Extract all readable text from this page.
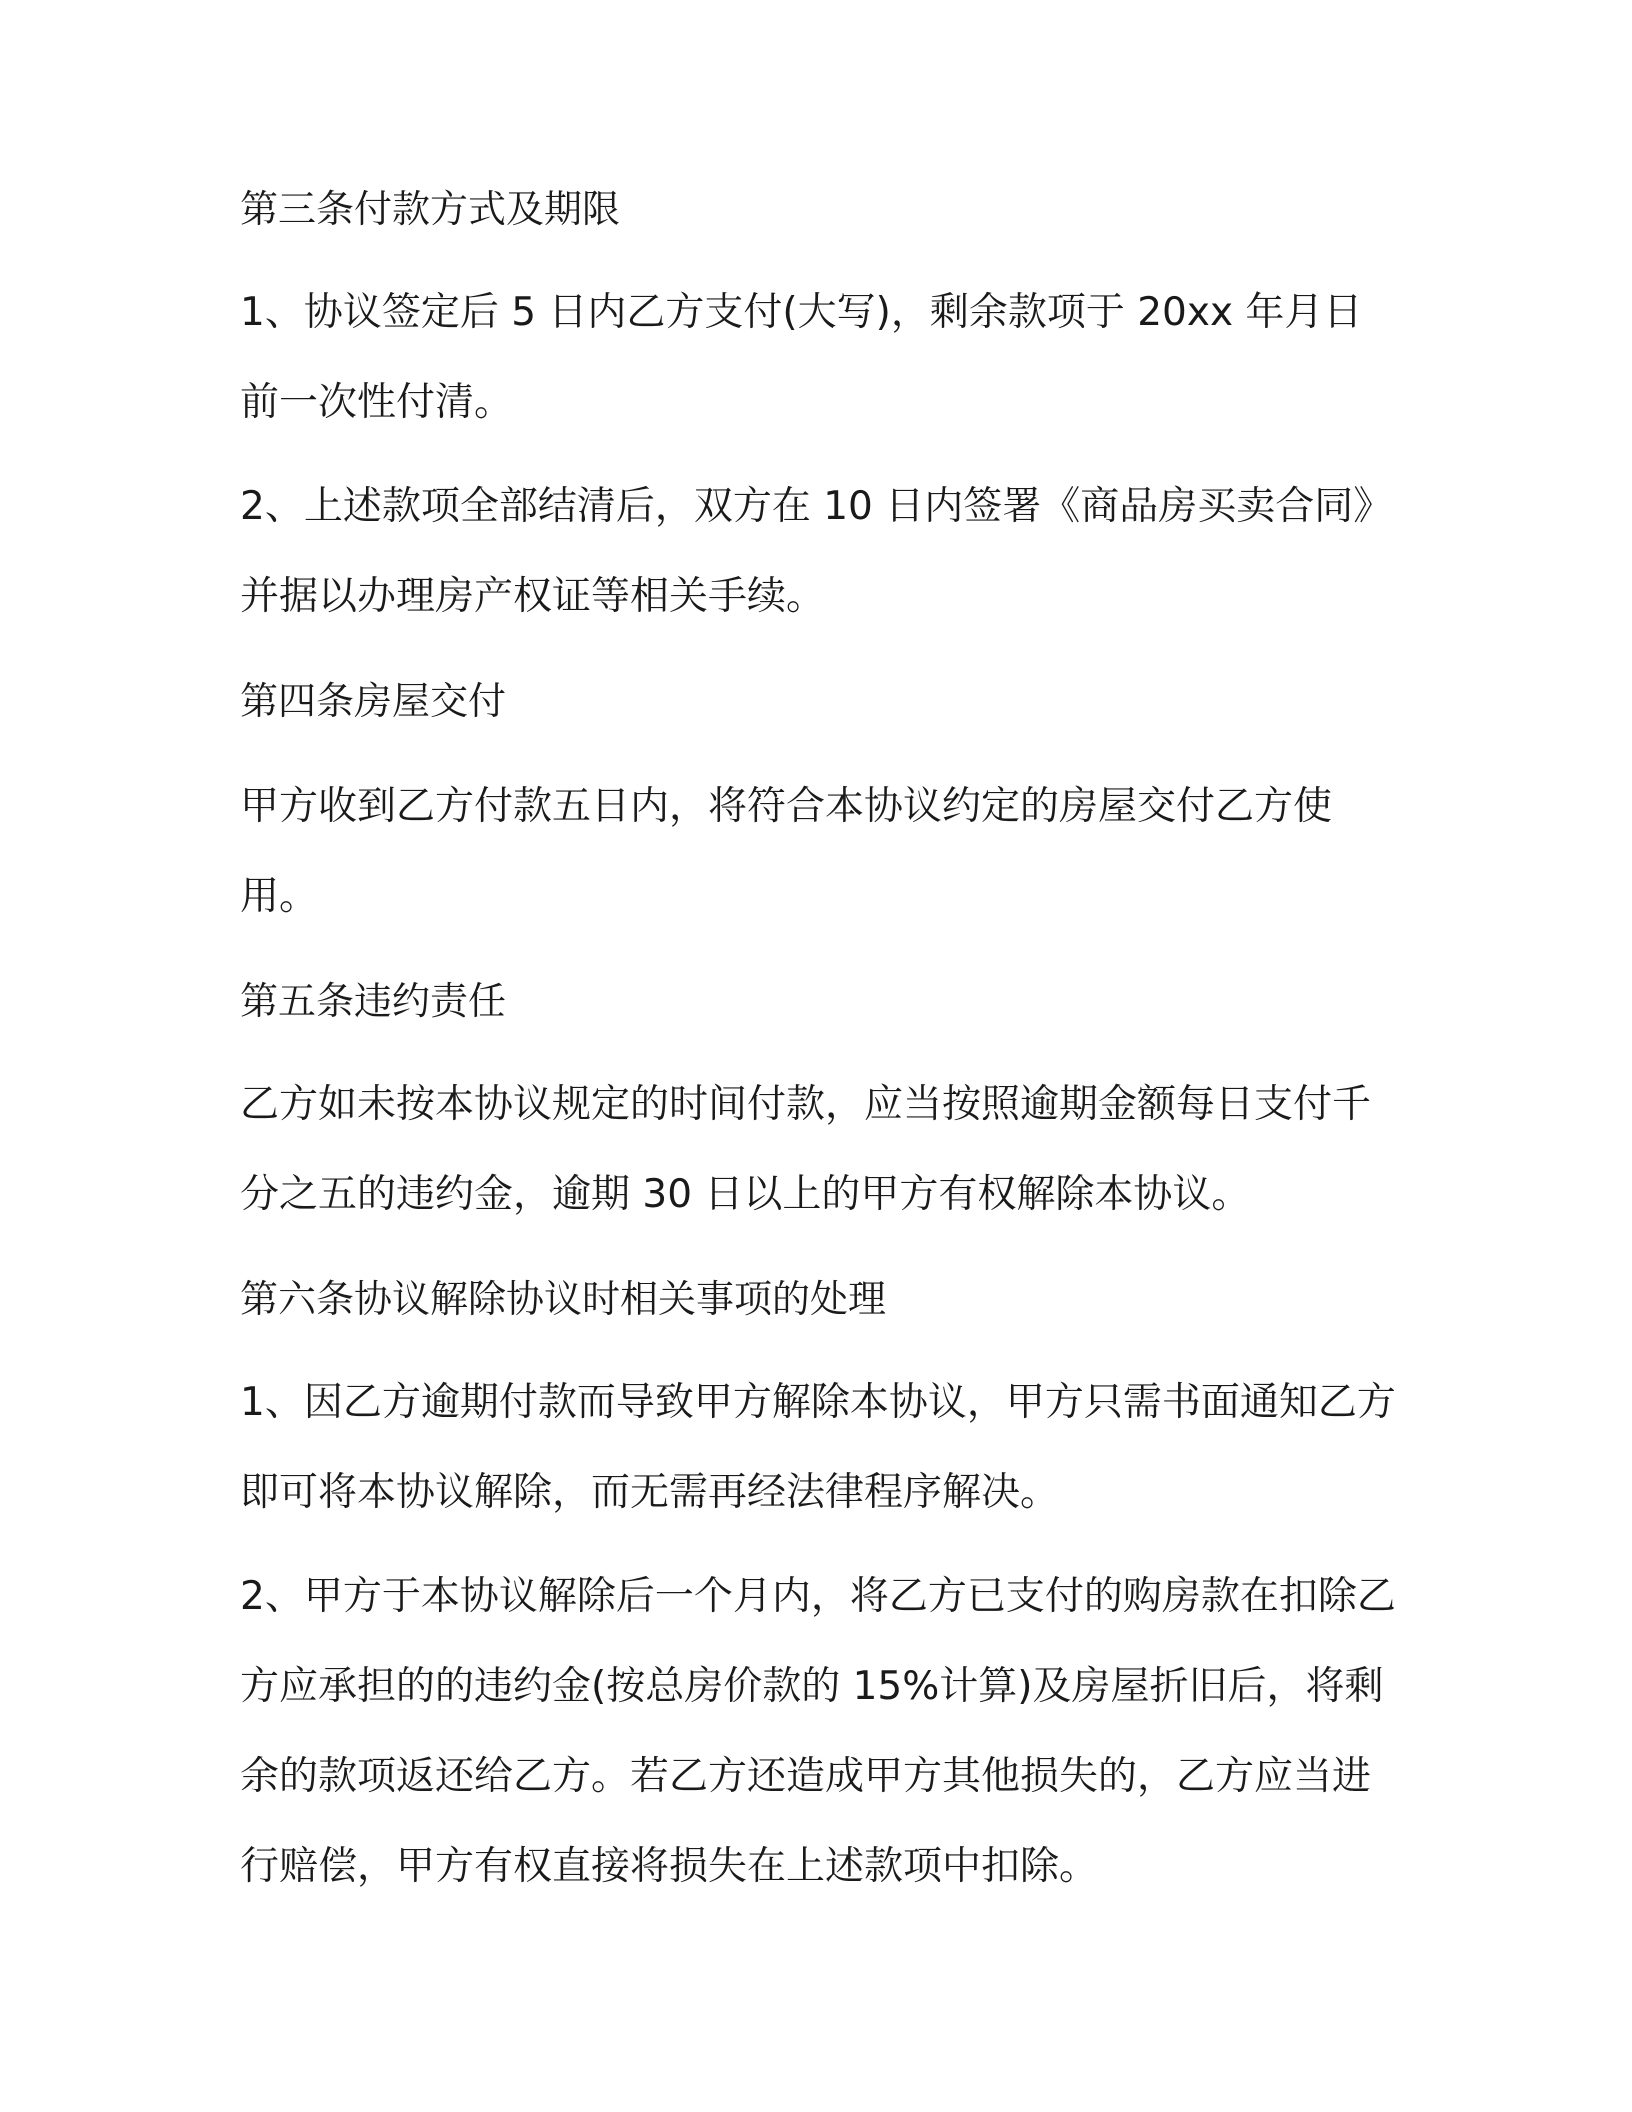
第三条付款方式及期限
1、协议签定后 5 日内乙方支付(大写)，剩余款项于 20xx 年月日前一次性付清。
2、上述款项全部结清后，双方在 10 日内签署《商品房买卖合同》并据以办理房产权证等相关手续。
第四条房屋交付
甲方收到乙方付款五日内，将符合本协议约定的房屋交付乙方使用。
第五条违约责任
乙方如未按本协议规定的时间付款，应当按照逾期金额每日支付千分之五的违约金，逾期 30 日以上的甲方有权解除本协议。
第六条协议解除协议时相关事项的处理
1、因乙方逾期付款而导致甲方解除本协议，甲方只需书面通知乙方即可将本协议解除，而无需再经法律程序解决。
2、甲方于本协议解除后一个月内，将乙方已支付的购房款在扣除乙方应承担的的违约金(按总房价款的 15%计算)及房屋折旧后，将剩余的款项返还给乙方。若乙方还造成甲方其他损失的，乙方应当进行赔偿，甲方有权直接将损失在上述款项中扣除。
